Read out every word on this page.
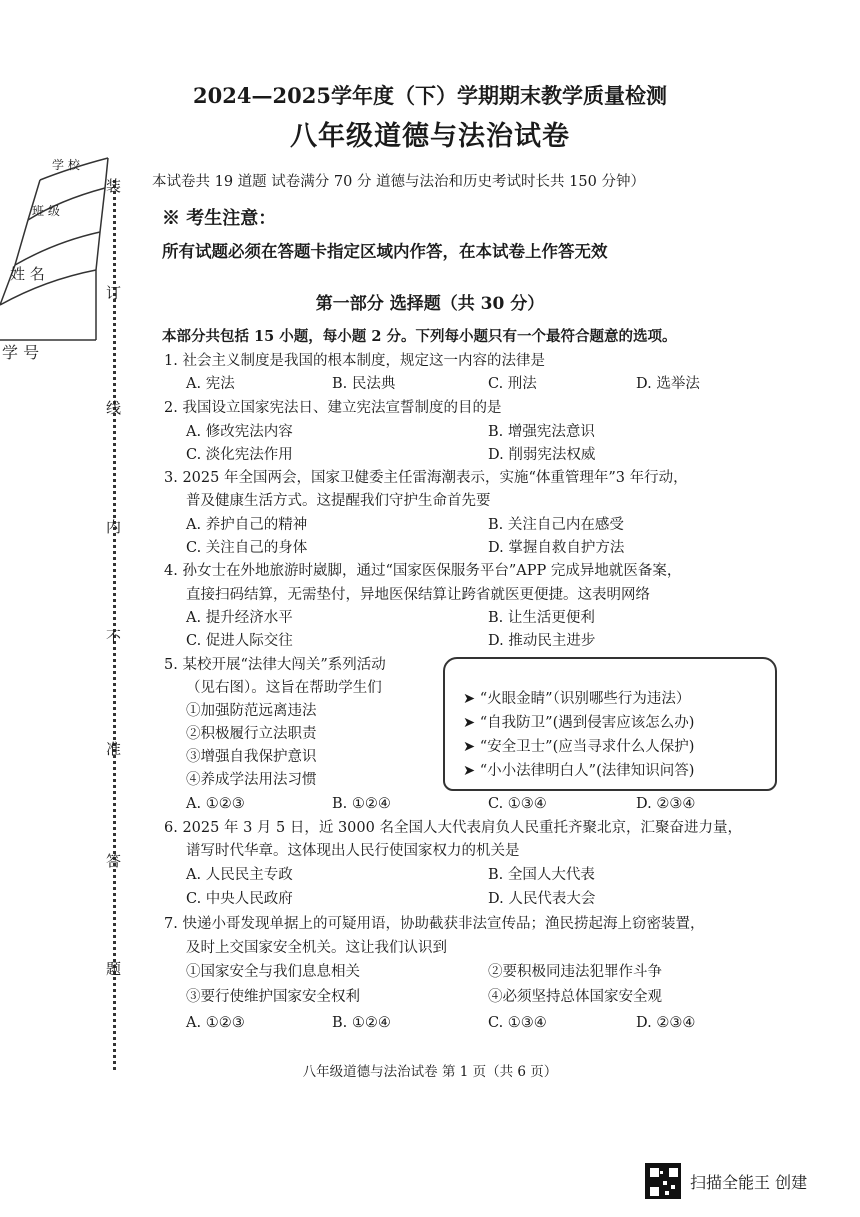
装
订
线
内
不
准
答
题
学 校
班 级
姓 名
学 号
2024—2025学年度（下）学期期末教学质量检测
八年级道德与法治试卷
本试卷共 19 道题 试卷满分 70 分 道德与法治和历史考试时长共 150 分钟）
※ 考生注意：
所有试题必须在答题卡指定区域内作答，在本试卷上作答无效
第一部分 选择题（共 30 分）
本部分共包括 15 小题，每小题 2 分。下列每小题只有一个最符合题意的选项。
1. 社会主义制度是我国的根本制度，规定这一内容的法律是
A. 宪法	B. 民法典	C. 刑法	D. 选举法
2. 我国设立国家宪法日、建立宪法宣誓制度的目的是
A. 修改宪法内容	B. 增强宪法意识
C. 淡化宪法作用	D. 削弱宪法权威
3. 2025 年全国两会，国家卫健委主任雷海潮表示，实施“体重管理年”3 年行动，
普及健康生活方式。这提醒我们守护生命首先要
A. 养护自己的精神	B. 关注自己内在感受
C. 关注自己的身体	D. 掌握自救自护方法
4. 孙女士在外地旅游时崴脚，通过“国家医保服务平台”APP 完成异地就医备案，
直接扫码结算，无需垫付，异地医保结算让跨省就医更便捷。这表明网络
A. 提升经济水平	B. 让生活更便利
C. 促进人际交往	D. 推动民主进步
5. 某校开展“法律大闯关”系列活动
（见右图）。这旨在帮助学生们
①加强防范远离违法
②积极履行立法职责
③增强自我保护意识
④养成学法用法习惯
➤ “火眼金睛”（识别哪些行为违法）
➤ “自我防卫”(遇到侵害应该怎么办)
➤ “安全卫士”(应当寻求什么人保护)
➤ “小小法律明白人”(法律知识问答)
A. ①②③	B. ①②④	C. ①③④	D. ②③④
6. 2025 年 3 月 5 日，近 3000 名全国人大代表肩负人民重托齐聚北京，汇聚奋进力量，
谱写时代华章。这体现出人民行使国家权力的机关是
A. 人民民主专政	B. 全国人大代表
C. 中央人民政府	D. 人民代表大会
7. 快递小哥发现单据上的可疑用语，协助截获非法宣传品；渔民捞起海上窃密装置，
及时上交国家安全机关。这让我们认识到
①国家安全与我们息息相关	②要积极同违法犯罪作斗争
③要行使维护国家安全权利	④必须坚持总体国家安全观
A. ①②③	B. ①②④	C. ①③④	D. ②③④
八年级道德与法治试卷 第 1 页（共 6 页）
扫描全能王 创建
